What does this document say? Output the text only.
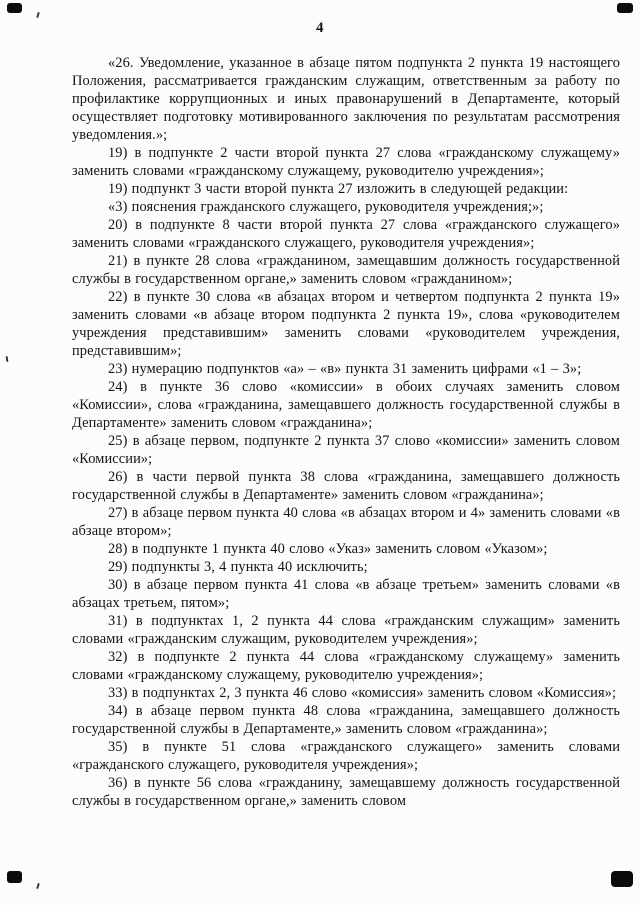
4

«26. Уведомление, указанное в абзаце пятом подпункта 2 пункта 19 настоящего Положения, рассматривается гражданским служащим, ответственным за работу по профилактике коррупционных и иных правонарушений в Департаменте, который осуществляет подготовку мотивированного заключения по результатам рассмотрения уведомления.»;

19) в подпункте 2 части второй пункта 27 слова «гражданскому служащему» заменить словами «гражданскому служащему, руководителю учреждения»;

19) подпункт 3 части второй пункта 27 изложить в следующей редакции:

«3) пояснения гражданского служащего, руководителя учреждения;»;

20) в подпункте 8 части второй пункта 27 слова «гражданского служащего» заменить словами «гражданского служащего, руководителя учреждения»;

21) в пункте 28 слова «гражданином, замещавшим должность государственной службы в государственном органе,» заменить словом «гражданином»;

22) в пункте 30 слова «в абзацах втором и четвертом подпункта 2 пункта 19» заменить словами «в абзаце втором подпункта 2 пункта 19», слова «руководителем учреждения представившим» заменить словами «руководителем учреждения, представившим»;

23) нумерацию подпунктов «а» – «в» пункта 31 заменить цифрами «1 – 3»;

24) в пункте 36 слово «комиссии» в обоих случаях заменить словом «Комиссии», слова «гражданина, замещавшего должность государственной службы в Департаменте» заменить словом «гражданина»;

25) в абзаце первом, подпункте 2 пункта 37 слово «комиссии» заменить словом «Комиссии»;

26) в части первой пункта 38 слова «гражданина, замещавшего должность государственной службы в Департаменте» заменить словом «гражданина»;

27) в абзаце первом пункта 40 слова «в абзацах втором и 4» заменить словами «в абзаце втором»;

28) в подпункте 1 пункта 40 слово «Указ» заменить словом «Указом»;

29) подпункты 3, 4 пункта 40 исключить;

30) в абзаце первом пункта 41 слова «в абзаце третьем» заменить словами «в абзацах третьем, пятом»;

31) в подпунктах 1, 2 пункта 44 слова «гражданским служащим» заменить словами «гражданским служащим, руководителем учреждения»;

32) в подпункте 2 пункта 44 слова «гражданскому служащему» заменить словами «гражданскому служащему, руководителю учреждения»;

33) в подпунктах 2, 3 пункта 46 слово «комиссия» заменить словом «Комиссия»;

34) в абзаце первом пункта 48 слова «гражданина, замещавшего должность государственной службы в Департаменте,» заменить словом «гражданина»;

35) в пункте 51 слова «гражданского служащего» заменить словами «гражданского служащего, руководителя учреждения»;

36) в пункте 56 слова «гражданину, замещавшему должность государственной службы в государственном органе,» заменить словом
